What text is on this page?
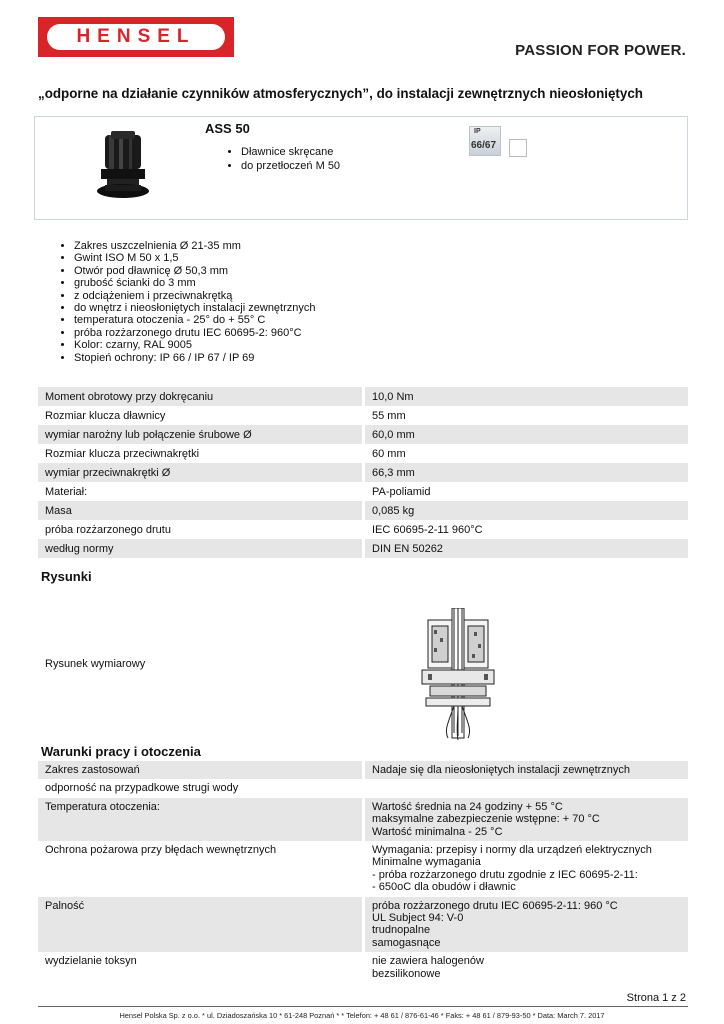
HENSEL
PASSION FOR POWER.
„odporne na działanie czynników atmosferycznych”, do instalacji zewnętrznych nieosłoniętych
ASS 50
• Dławnice skręcane
• do przetłoczeń M 50
IP
66/67
• Zakres uszczelnienia Ø 21-35 mm
• Gwint ISO M 50 x 1,5
• Otwór pod dławnicę Ø 50,3 mm
• grubość ścianki do 3 mm
• z odciążeniem i przeciwnakrętką
• do wnętrz i nieosłoniętych instalacji zewnętrznych
• temperatura otoczenia - 25° do + 55° C
• próba rozżarzonego drutu IEC 60695-2: 960°C
• Kolor: czarny, RAL 9005
• Stopień ochrony: IP 66 / IP 67 / IP 69
Moment obrotowy przy dokręcaniu	10,0 Nm
Rozmiar klucza dławnicy	55 mm
wymiar narożny lub połączenie śrubowe Ø	60,0 mm
Rozmiar klucza przeciwnakrętki	60 mm
wymiar przeciwnakrętki Ø	66,3 mm
Materiał:	PA-poliamid
Masa	0,085 kg
próba rozżarzonego drutu	IEC 60695-2-11 960°C
według normy	DIN EN 50262
Rysunki
Rysunek wymiarowy
Warunki pracy i otoczenia
Zakres zastosowań	Nadaje się dla nieosłoniętych instalacji zewnętrznych

odporność na przypadkowe strugi wody	
Temperatura otoczenia:	Wartość średnia na 24 godziny + 55 °C
maksymalne zabezpieczenie wstępne: + 70 °C
Wartość minimalna - 25 °C

Ochrona pożarowa przy błędach wewnętrznych	Wymagania: przepisy i normy dla urządzeń elektrycznych
Minimalne wymagania
- próba rozżarzonego drutu zgodnie z IEC 60695-2-11:
- 650oC dla obudów i dławnic

Palność	próba rozżarzonego drutu IEC 60695-2-11: 960 °C
UL Subject 94: V-0
trudnopalne
samogasnące

wydzielanie toksyn	nie zawiera halogenów
bezsilikonowe
Strona 1 z 2
Hensel Polska Sp. z o.o. * ul. Dziadoszańska 10 * 61-248 Poznań * * Telefon: + 48 61 / 876-61-46 * Faks: + 48 61 / 879-93-50 * Data: March 7. 2017
